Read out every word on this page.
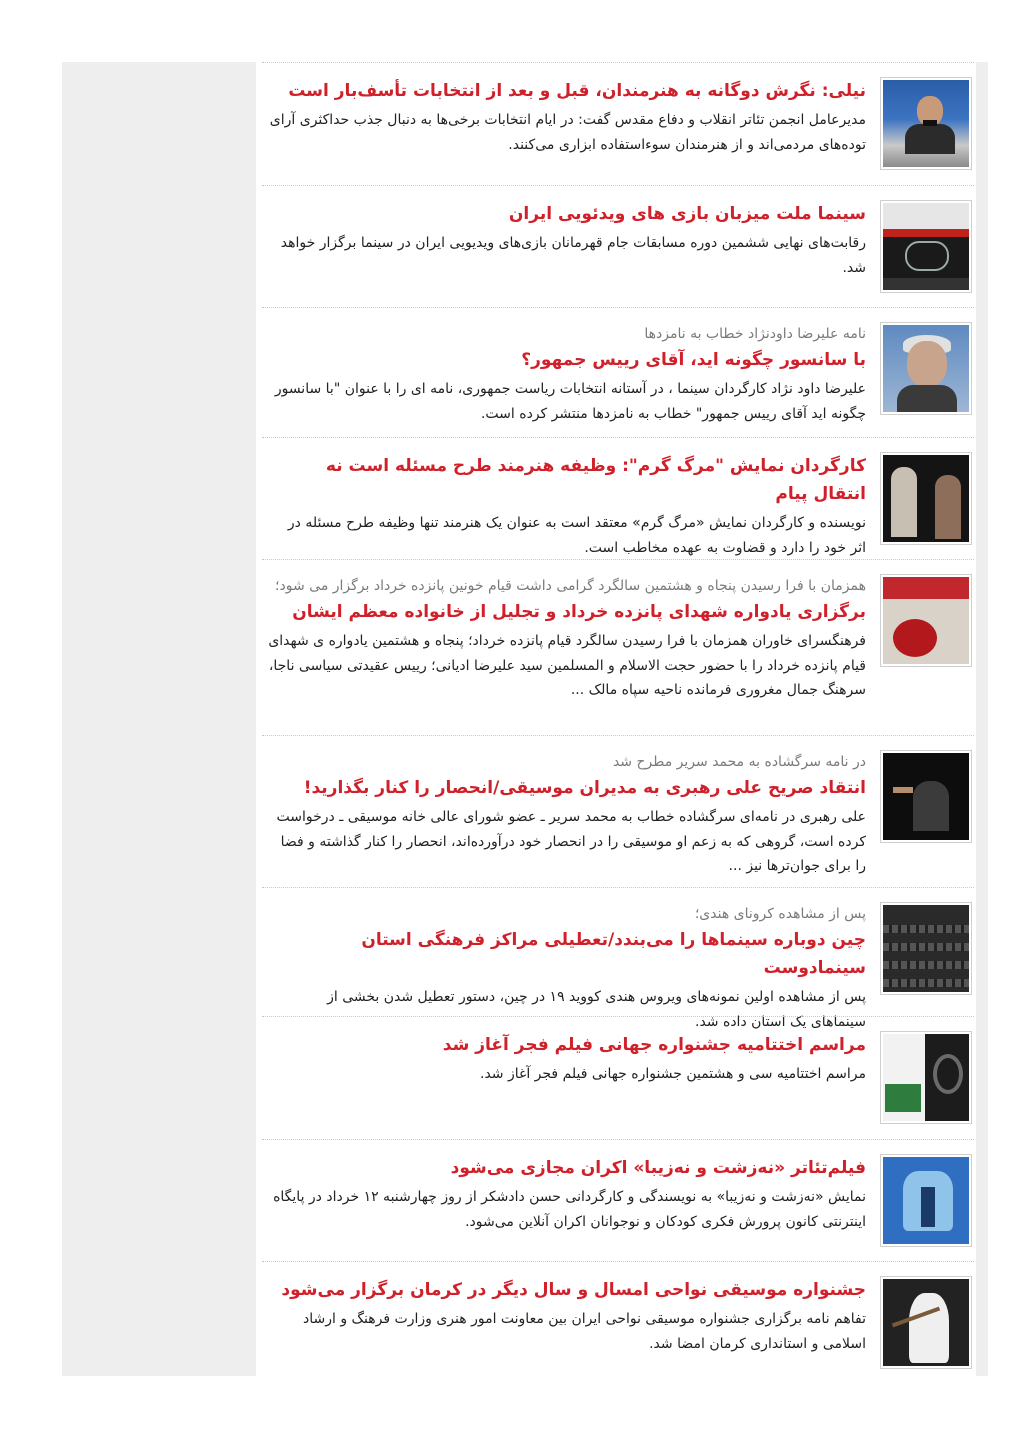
نیلی: نگرش دوگانه به هنرمندان، قبل و بعد از انتخابات تأسف‌بار است
مدیرعامل انجمن تئاتر انقلاب و دفاع مقدس گفت: در ایام انتخابات برخی‌ها به دنبال جذب حداکثری آرای توده‌های مردمی‌اند و از هنرمندان سوءاستفاده ابزاری می‌کنند.
سینما ملت میزبان بازی های ویدئویی ایران
رقابت‌های نهایی ششمین دوره مسابقات جام قهرمانان بازی‌های ویدیویی ایران در سینما برگزار خواهد شد.
نامه علیرضا داودنژاد خطاب به نامزدها
با سانسور چگونه اید، آقای رییس جمهور؟
علیرضا داود نژاد کارگردان سینما ، در آستانه انتخابات ریاست جمهوری، نامه ای را با عنوان "با سانسور چگونه اید آقای رییس جمهور" خطاب به نامزدها منتشر کرده است.
کارگردان نمایش "مرگ گرم": وظیفه هنرمند طرح مسئله است نه انتقال پیام
نویسنده و کارگردان نمایش «مرگ گرم» معتقد است به عنوان یک هنرمند تنها وظیفه طرح مسئله در اثر خود را دارد و قضاوت به عهده مخاطب است.
همزمان با فرا رسیدن پنجاه و هشتمین سالگرد گرامی داشت قیام خونین پانزده خرداد برگزار می شود؛
برگزاری یادواره شهدای پانزده خرداد و تجلیل از خانواده معظم ایشان
فرهنگسرای خاوران همزمان با فرا رسیدن سالگرد قیام پانزده خرداد؛ پنجاه و هشتمین یادواره ی شهدای قیام پانزده خرداد را با حضور حجت الاسلام و المسلمین سید علیرضا ادیانی؛ رییس عقیدتی سیاسی ناجا، سرهنگ جمال مغروری فرمانده ناحیه سپاه مالک ...
در نامه سرگشاده به محمد سریر مطرح شد
انتقاد صریح علی رهبری به مدیران موسیقی/انحصار را کنار بگذارید!
علی رهبری در نامه‌ای سرگشاده خطاب به محمد سریر ـ عضو شورای عالی خانه موسیقی ـ درخواست کرده است، گروهی که به زعم او موسیقی را در انحصار خود درآورده‌اند، انحصار را کنار گذاشته و فضا را برای جوان‌ترها نیز ...
پس از مشاهده کرونای هندی؛
چین دوباره سینماها را می‌بندد/تعطیلی مراکز فرهنگی استان سینمادوست
پس از مشاهده اولین نمونه‌های ویروس هندی کووید ۱۹ در چین، دستور تعطیل شدن بخشی از سینماهای یک استان داده شد.
مراسم اختتامیه جشنواره جهانی فیلم فجر آغاز شد
مراسم اختتامیه سی و هشتمین جشنواره جهانی فیلم فجر آغاز شد.
فیلم‌تئاتر «نه‌زشت و نه‌زیبا» اکران مجازی می‌شود
نمایش «نه‌زشت و نه‌زیبا» به نویسندگی و کارگردانی حسن دادشکر از روز چهارشنبه ۱۲ خرداد در پایگاه اینترنتی کانون پرورش فکری کودکان و نوجوانان اکران آنلاین می‌شود.
جشنواره موسیقی نواحی امسال و سال دیگر در کرمان برگزار می‌شود
تفاهم نامه برگزاری جشنواره موسیقی نواحی ایران بین معاونت امور هنری وزارت فرهنگ و ارشاد اسلامی و استانداری کرمان امضا شد.
